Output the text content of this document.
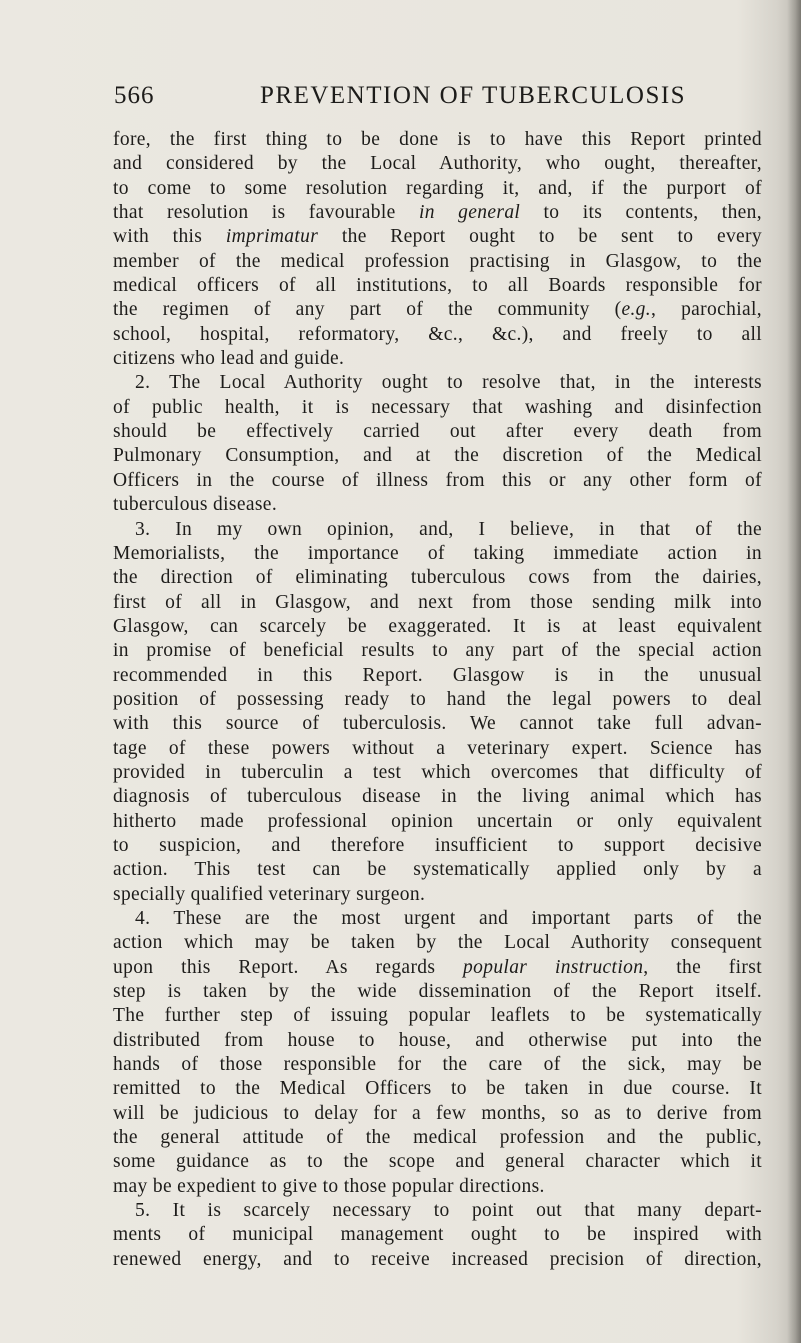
566	PREVENTION OF TUBERCULOSIS
fore, the first thing to be done is to have this Report printed
and considered by the Local Authority, who ought, thereafter,
to come to some resolution regarding it, and, if the purport of
that resolution is favourable in general to its contents, then,
with this imprimatur the Report ought to be sent to every
member of the medical profession practising in Glasgow, to the
medical officers of all institutions, to all Boards responsible for
the regimen of any part of the community (e.g., parochial,
school, hospital, reformatory, &c., &c.), and freely to all
citizens who lead and guide.
2. The Local Authority ought to resolve that, in the interests
of public health, it is necessary that washing and disinfection
should be effectively carried out after every death from
Pulmonary Consumption, and at the discretion of the Medical
Officers in the course of illness from this or any other form of
tuberculous disease.
3. In my own opinion, and, I believe, in that of the
Memorialists, the importance of taking immediate action in
the direction of eliminating tuberculous cows from the dairies,
first of all in Glasgow, and next from those sending milk into
Glasgow, can scarcely be exaggerated. It is at least equivalent
in promise of beneficial results to any part of the special action
recommended in this Report. Glasgow is in the unusual
position of possessing ready to hand the legal powers to deal
with this source of tuberculosis. We cannot take full advan-
tage of these powers without a veterinary expert. Science has
provided in tuberculin a test which overcomes that difficulty of
diagnosis of tuberculous disease in the living animal which has
hitherto made professional opinion uncertain or only equivalent
to suspicion, and therefore insufficient to support decisive
action. This test can be systematically applied only by a
specially qualified veterinary surgeon.
4. These are the most urgent and important parts of the
action which may be taken by the Local Authority consequent
upon this Report. As regards popular instruction, the first
step is taken by the wide dissemination of the Report itself.
The further step of issuing popular leaflets to be systematically
distributed from house to house, and otherwise put into the
hands of those responsible for the care of the sick, may be
remitted to the Medical Officers to be taken in due course. It
will be judicious to delay for a few months, so as to derive from
the general attitude of the medical profession and the public,
some guidance as to the scope and general character which it
may be expedient to give to those popular directions.
5. It is scarcely necessary to point out that many depart-
ments of municipal management ought to be inspired with
renewed energy, and to receive increased precision of direction,
